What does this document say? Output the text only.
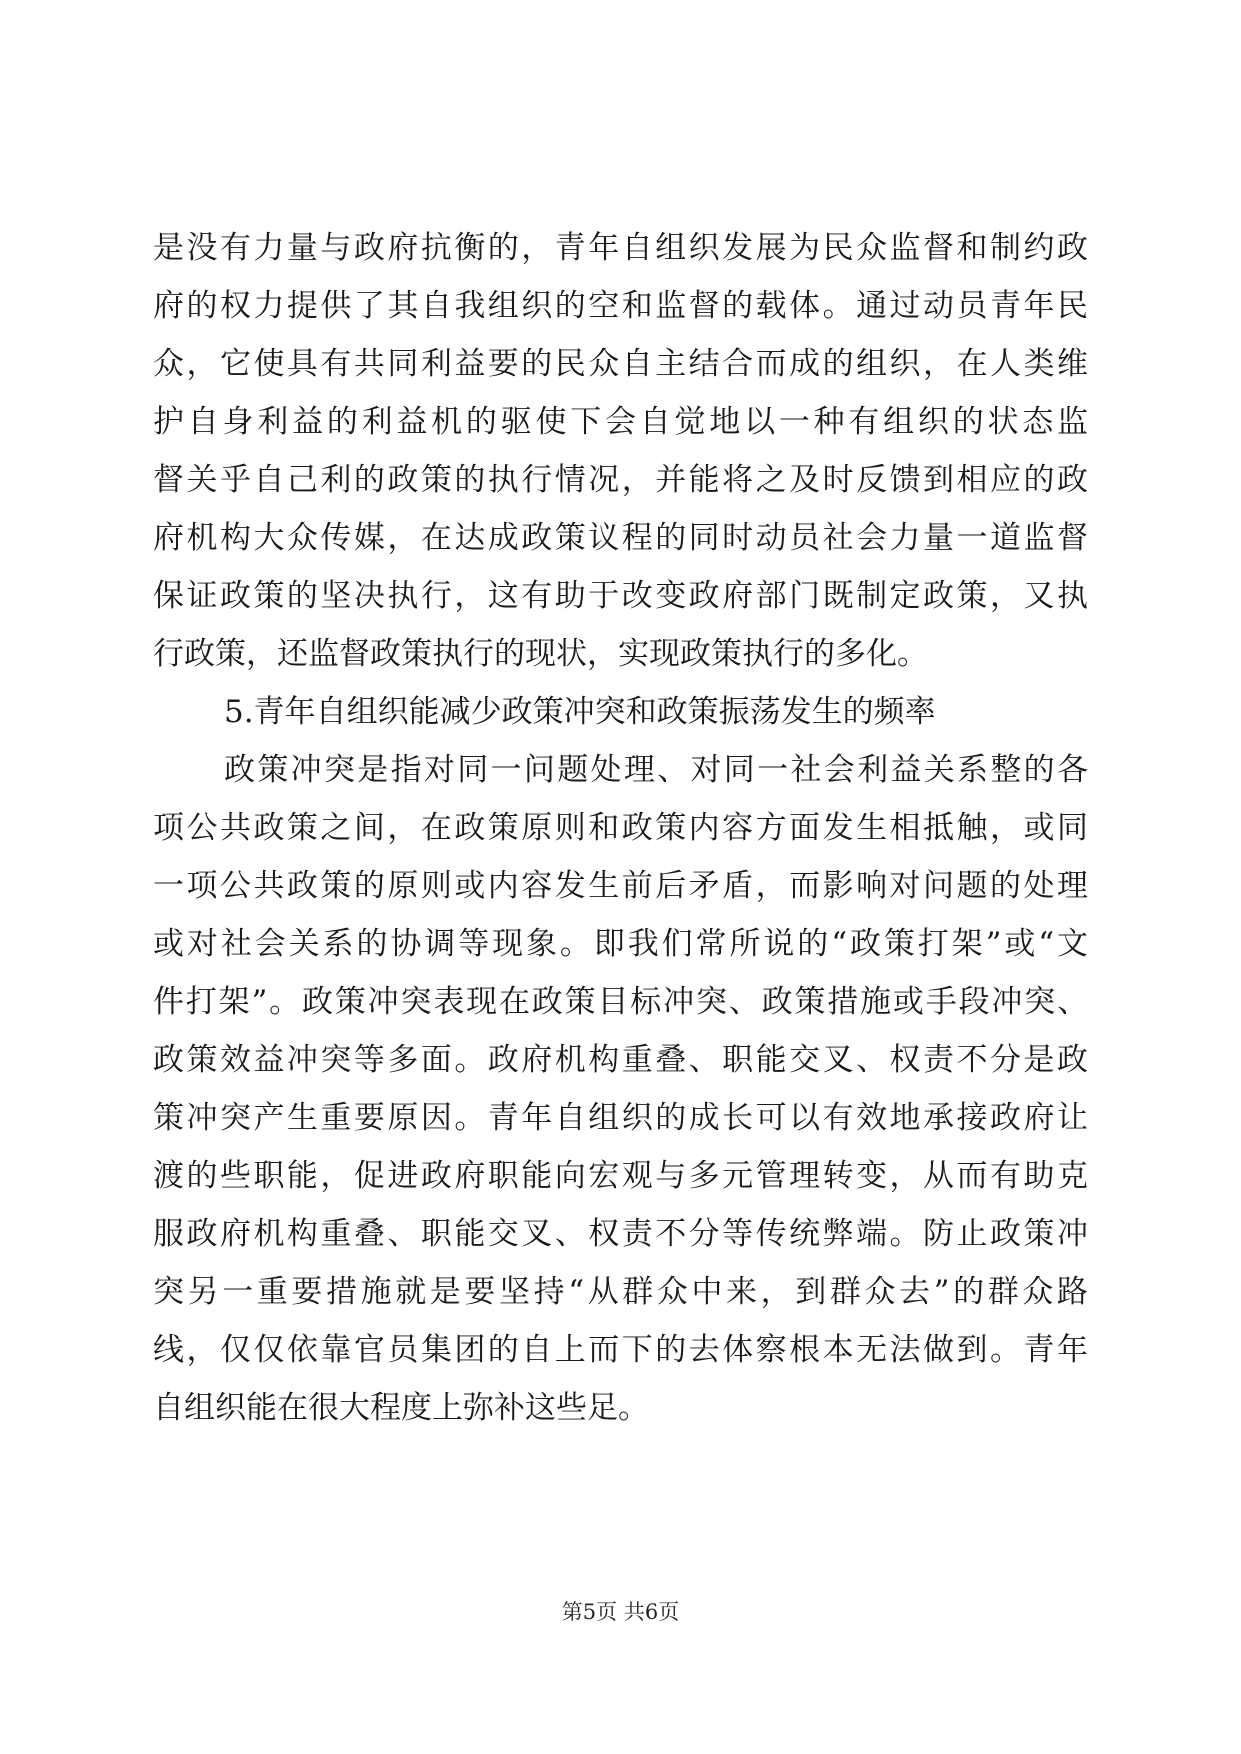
是没有力量与政府抗衡的，青年自组织发展为民众监督和制约政
府的权力提供了其自我组织的空和监督的载体。通过动员青年民
众，它使具有共同利益要的民众自主结合而成的组织，在人类维
护自身利益的利益机的驱使下会自觉地以一种有组织的状态监
督关乎自己利的政策的执行情况，并能将之及时反馈到相应的政
府机构大众传媒，在达成政策议程的同时动员社会力量一道监督
保证政策的坚决执行，这有助于改变政府部门既制定政策，又执
行政策，还监督政策执行的现状，实现政策执行的多化。
5.青年自组织能减少政策冲突和政策振荡发生的频率
政策冲突是指对同一问题处理、对同一社会利益关系整的各
项公共政策之间，在政策原则和政策内容方面发生相抵触，或同
一项公共政策的原则或内容发生前后矛盾，而影响对问题的处理
或对社会关系的协调等现象。即我们常所说的“政策打架”或“文
件打架”。政策冲突表现在政策目标冲突、政策措施或手段冲突、
政策效益冲突等多面。政府机构重叠、职能交叉、权责不分是政
策冲突产生重要原因。青年自组织的成长可以有效地承接政府让
渡的些职能，促进政府职能向宏观与多元管理转变，从而有助克
服政府机构重叠、职能交叉、权责不分等传统弊端。防止政策冲
突另一重要措施就是要坚持“从群众中来，到群众去”的群众路
线，仅仅依靠官员集团的自上而下的去体察根本无法做到。青年
自组织能在很大程度上弥补这些足。
第5页 共6页
